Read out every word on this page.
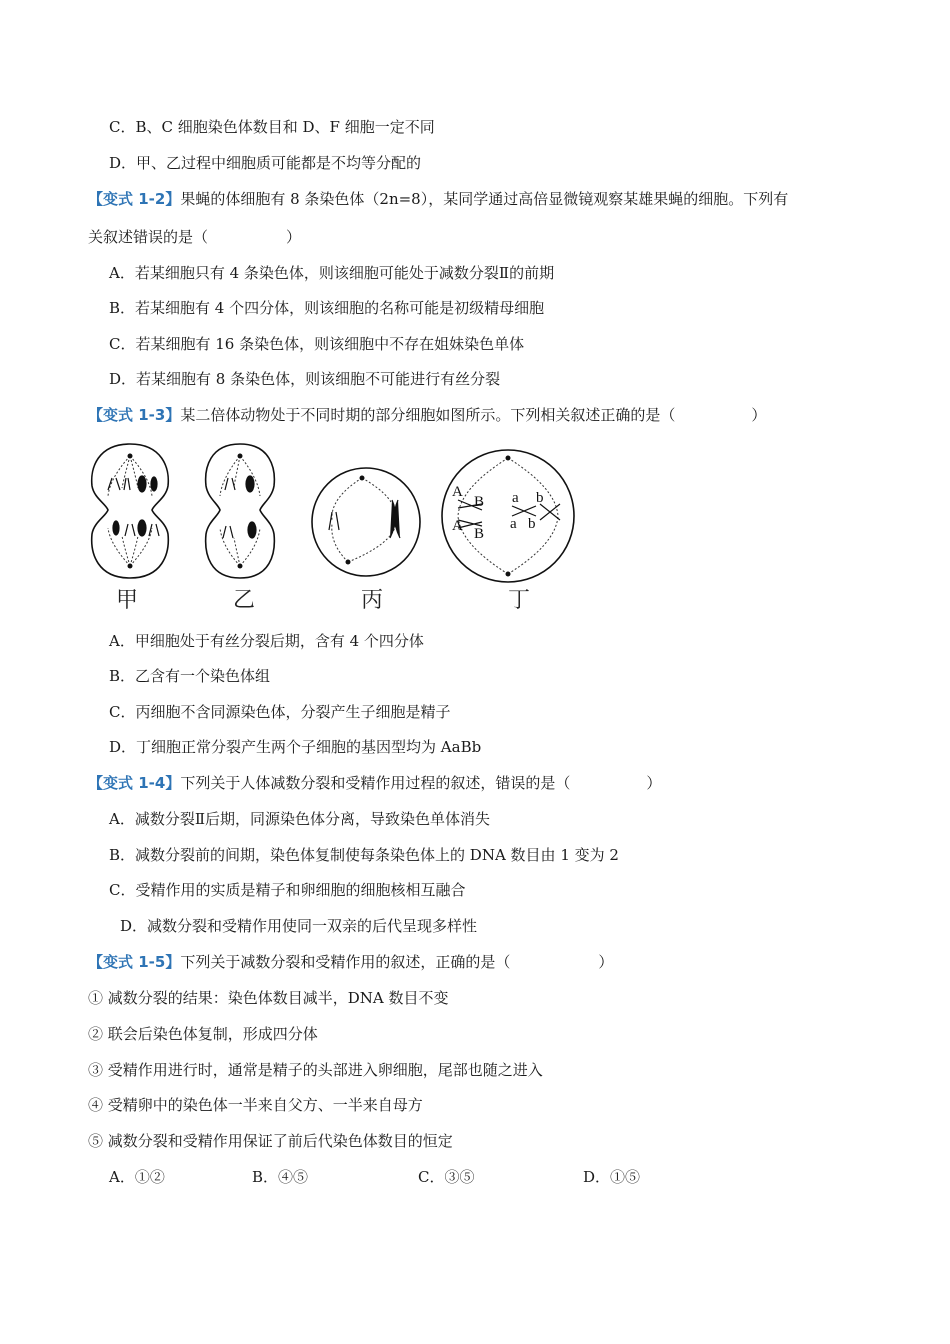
C．B、C 细胞染色体数目和 D、F 细胞一定不同
D．甲、乙过程中细胞质可能都是不均等分配的
【变式 1-2】果蝇的体细胞有 8 条染色体（2n=8），某同学通过高倍显微镜观察某雄果蝇的细胞。下列有
关叙述错误的是（	）
A．若某细胞只有 4 条染色体，则该细胞可能处于减数分裂Ⅱ的前期
B．若某细胞有 4 个四分体，则该细胞的名称可能是初级精母细胞
C．若某细胞有 16 条染色体，则该细胞中不存在姐妹染色单体
D．若某细胞有 8 条染色体，则该细胞不可能进行有丝分裂
【变式 1-3】某二倍体动物处于不同时期的部分细胞如图所示。下列相关叙述正确的是（	）
A
B
A B
a b
a b
甲	乙	丙	丁
A．甲细胞处于有丝分裂后期，含有 4 个四分体
B．乙含有一个染色体组
C．丙细胞不含同源染色体，分裂产生子细胞是精子
D．丁细胞正常分裂产生两个子细胞的基因型均为 AaBb
【变式 1-4】下列关于人体减数分裂和受精作用过程的叙述，错误的是（	）
A．减数分裂Ⅱ后期，同源染色体分离，导致染色单体消失
B．减数分裂前的间期，染色体复制使每条染色体上的 DNA 数目由 1 变为 2
C．受精作用的实质是精子和卵细胞的细胞核相互融合
D．减数分裂和受精作用使同一双亲的后代呈现多样性
【变式 1-5】下列关于减数分裂和受精作用的叙述，正确的是（	）
① 减数分裂的结果：染色体数目减半，DNA 数目不变
② 联会后染色体复制，形成四分体
③ 受精作用进行时，通常是精子的头部进入卵细胞，尾部也随之进入
④ 受精卵中的染色体一半来自父方、一半来自母方
⑤ 减数分裂和受精作用保证了前后代染色体数目的恒定
A．①②	B．④⑤	C．③⑤	D．①⑤
